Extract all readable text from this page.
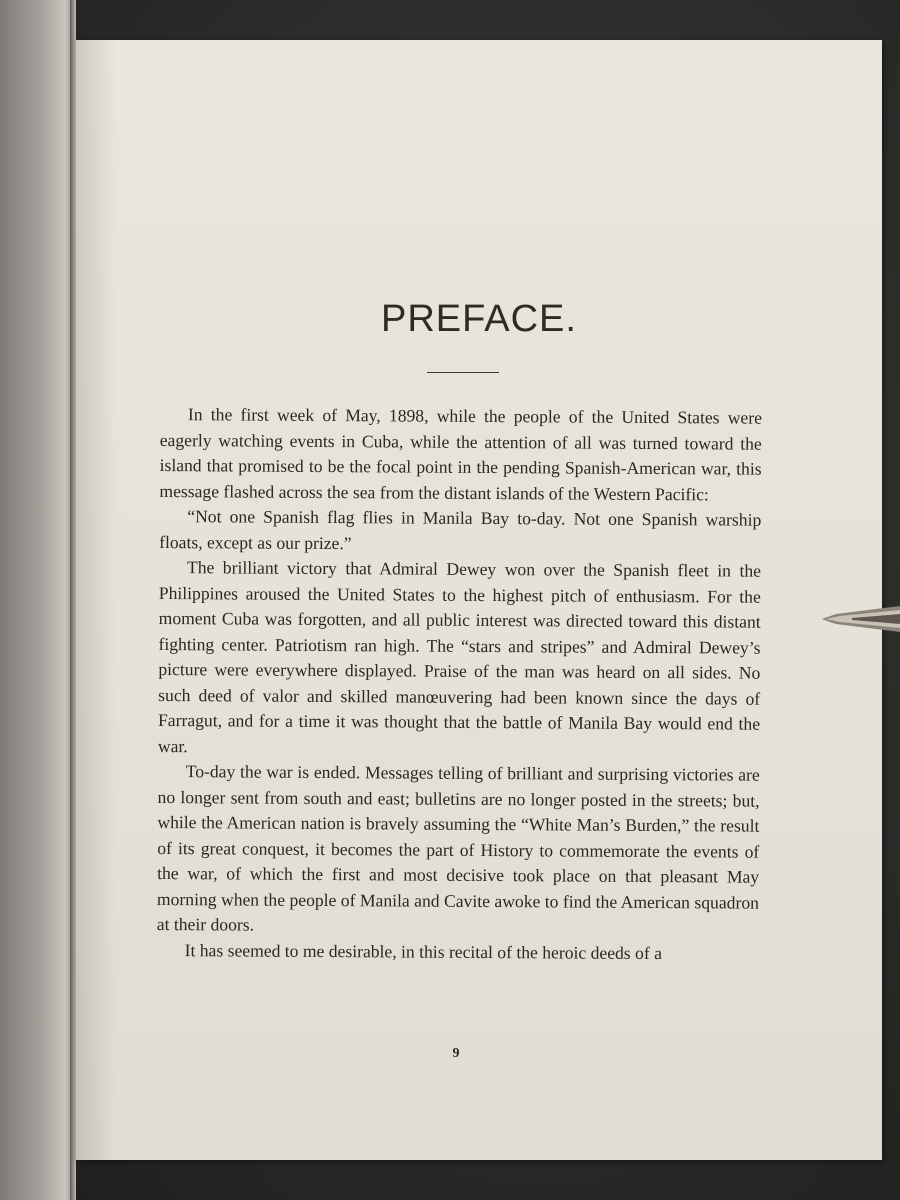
PREFACE.

In the first week of May, 1898, while the people of the United States were eagerly watching events in Cuba, while the attention of all was turned toward the island that promised to be the focal point in the pending Spanish-American war, this message flashed across the sea from the distant islands of the Western Pacific:

“Not one Spanish flag flies in Manila Bay to-day. Not one Spanish warship floats, except as our prize.”

The brilliant victory that Admiral Dewey won over the Spanish fleet in the Philippines aroused the United States to the highest pitch of enthusiasm. For the moment Cuba was forgotten, and all public interest was directed toward this distant fighting center. Patriotism ran high. The “stars and stripes” and Admiral Dewey’s picture were everywhere displayed. Praise of the man was heard on all sides. No such deed of valor and skilled manœuvering had been known since the days of Farragut, and for a time it was thought that the battle of Manila Bay would end the war.

To-day the war is ended. Messages telling of brilliant and surprising victories are no longer sent from south and east; bulletins are no longer posted in the streets; but, while the American nation is bravely assuming the “White Man’s Burden,” the result of its great conquest, it becomes the part of History to commemorate the events of the war, of which the first and most decisive took place on that pleasant May morning when the people of Manila and Cavite awoke to find the American squadron at their doors.

It has seemed to me desirable, in this recital of the heroic deeds of a

9
